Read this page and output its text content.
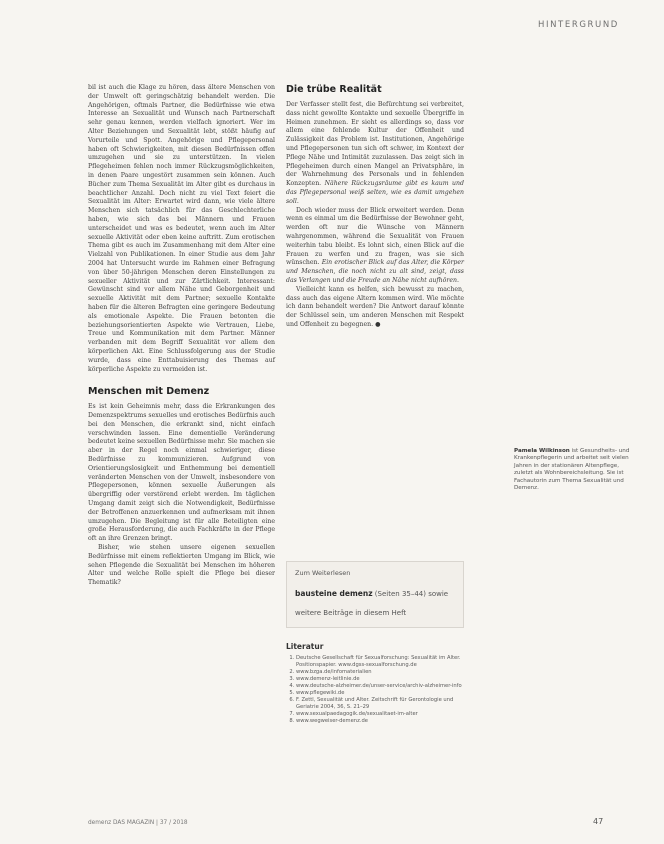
HINTERGRUND

bil ist auch die Klage zu hören, dass ältere Menschen von der Umwelt oft geringschätzig behandelt werden. Die Angehörigen, oftmals Partner, die Bedürfnisse wie etwa Interesse an Sexualität und Wunsch nach Partnerschaft sehr genau kennen, werden vielfach ignoriert. Wer im Alter Beziehungen und Sexualität lebt, stößt häufig auf Vorurteile und Spott. Angehörige und Pflegepersonal haben oft Schwierigkeiten, mit diesen Bedürfnissen offen umzugehen und sie zu unterstützen. In vielen Pflegeheimen fehlen noch immer Rückzugsmöglichkeiten, in denen Paare ungestört zusammen sein können. Auch Bücher zum Thema Sexualität im Alter gibt es durchaus in beachtlicher Anzahl. Doch nicht zu viel Text feiert die Sexualität im Alter: Erwartet wird dann, wie viele ältere Menschen sich tatsächlich für das Geschlechterliche haben, wie sich das bei Männern und Frauen unterscheidet und was es bedeutet, wenn auch im Alter sexuelle Aktivität oder eben keine auftritt. Zum erotischen Thema gibt es auch im Zusammenhang mit dem Alter eine Vielzahl von Publikationen. In einer Studie aus dem Jahr 2004 hat Untersucht wurde im Rahmen einer Befragung von über 50-jährigen Menschen deren Einstellungen zu sexueller Aktivität und zur Zärtlichkeit. Interessant: Gewünscht sind vor allem Nähe und Geborgenheit und sexuelle Aktivität mit dem Partner; sexuelle Kontakte haben für die älteren Befragten eine geringere Bedeutung als emotionale Aspekte. Die Frauen betonten die beziehungsorientierten Aspekte wie Vertrauen, Liebe, Treue und Kommunikation mit dem Partner. Männer verbanden mit dem Begriff Sexualität vor allem den körperlichen Akt. Eine Schlussfolgerung aus der Studie wurde, dass eine Enttabuisierung des Themas auf körperliche Aspekte zu vermeiden ist.

Menschen mit Demenz

Es ist kein Geheimnis mehr, dass die Erkrankungen des Demenzspektrums sexuelles und erotisches Bedürfnis auch bei den Menschen, die erkrankt sind, nicht einfach verschwinden lassen. Eine dementielle Veränderung bedeutet keine sexuellen Bedürfnisse mehr. Sie machen sie aber in der Regel noch einmal schwieriger, diese Bedürfnisse zu kommunizieren. Aufgrund von Orientierungslosigkeit und Enthemmung bei dementiell veränderten Menschen von der Umwelt, insbesondere von Pflegepersonen, können sexuelle Äußerungen als übergriffig oder verstörend erlebt werden. Im täglichen Umgang damit zeigt sich die Notwendigkeit, Bedürfnisse der Betroffenen anzuerkennen und aufmerksam mit ihnen umzugehen. Die Begleitung ist für alle Beteiligten eine große Herausforderung, die auch Fachkräfte in der Pflege oft an ihre Grenzen bringt.

Bisher, wie stehen unsere eigenen sexuellen Bedürfnisse mit einem reflektierten Umgang im Blick, wie sehen Pflegende die Sexualität bei Menschen im höheren Alter und welche Rolle spielt die Pflege bei dieser Thematik?

Die trübe Realität

Der Verfasser stellt fest, die Befürchtung sei verbreitet, dass nicht gewollte Kontakte und sexuelle Übergriffe in Heimen zunehmen. Er sieht es allerdings so, dass vor allem eine fehlende Kultur der Offenheit und Zulässigkeit das Problem ist. Institutionen, Angehörige und Pflegepersonen tun sich oft schwer, im Kontext der Pflege Nähe und Intimität zuzulassen. Das zeigt sich in Pflegeheimen durch einen Mangel an Privatsphäre, in der Wahrnehmung des Personals und in fehlenden Konzepten. Nähere Rückzugsräume gibt es kaum und das Pflegepersonal weiß selten, wie es damit umgehen soll.

Doch wieder muss der Blick erweitert werden. Denn wenn es einmal um die Bedürfnisse der Bewohner geht, werden oft nur die Wünsche von Männern wahrgenommen, während die Sexualität von Frauen weiterhin tabu bleibt. Es lohnt sich, einen Blick auf die Frauen zu werfen und zu fragen, was sie sich wünschen. Ein erotischer Blick auf das Alter, die Körper und Menschen, die noch nicht zu alt sind, zeigt, dass das Verlangen und die Freude an Nähe nicht aufhören.

Vielleicht kann es helfen, sich bewusst zu machen, dass auch das eigene Altern kommen wird. Wie möchte ich dann behandelt werden? Die Antwort darauf könnte der Schlüssel sein, um anderen Menschen mit Respekt und Offenheit zu begegnen. ●

Zum Weiterlesen
bausteine demenz (Seiten 35–44) sowie weitere Beiträge in diesem Heft
Literatur
1. Deutsche Gesellschaft für Sexualforschung: Sexualität im Alter. Positionspapier. www.dgss-sexualforschung.de
2. www.bzga.de/infomaterialien
3. www.demenz-leitlinie.de
4. www.deutsche-alzheimer.de/unser-service/archiv-alzheimer-info
5. www.pflegewiki.de
6. F. Zettl, Sexualität und Alter. Zeitschrift für Gerontologie und Geriatrie 2004, 36, S. 21–29
7. www.sexualpaedagogik.de/sexualitaet-im-alter
8. www.wegweiser-demenz.de
Pamela Wilkinson ist Gesundheits- und Krankenpflegerin und arbeitet seit vielen Jahren in der stationären Altenpflege, zuletzt als Wohnbereichsleitung. Sie ist Fachautorin zum Thema Sexualität und Demenz.
demenz DAS MAGAZIN | 37 / 2018	47
